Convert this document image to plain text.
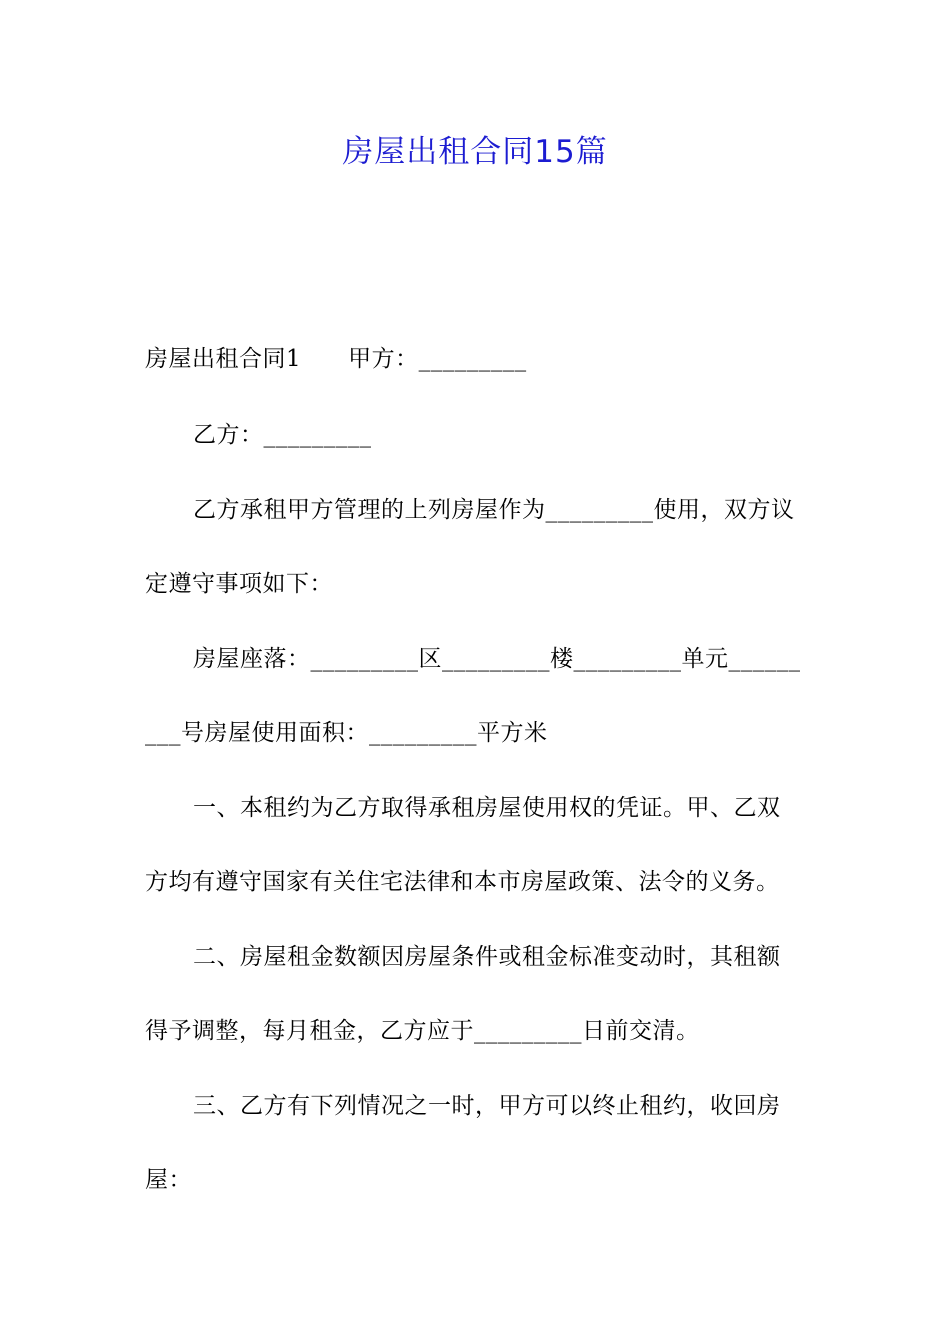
房屋出租合同15篇
房屋出租合同1　　甲方：_________
乙方：_________
乙方承租甲方管理的上列房屋作为_________使用，双方议
定遵守事项如下：
房屋座落：_________区_________楼_________单元______
___号房屋使用面积：_________平方米
一、本租约为乙方取得承租房屋使用权的凭证。甲、乙双
方均有遵守国家有关住宅法律和本市房屋政策、法令的义务。
二、房屋租金数额因房屋条件或租金标准变动时，其租额
得予调整，每月租金，乙方应于_________日前交清。
三、乙方有下列情况之一时，甲方可以终止租约，收回房
屋：
